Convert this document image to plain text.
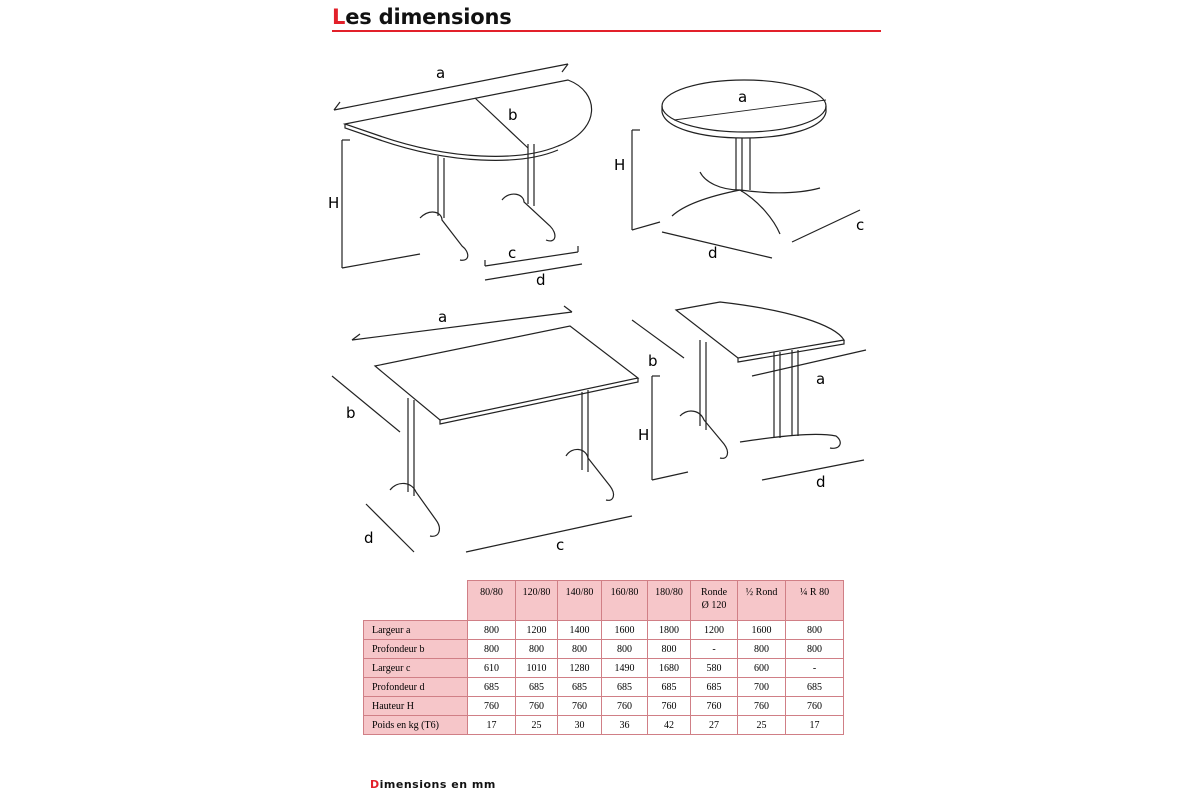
Les dimensions
a
b
H
c
d
a
H
c
d
a
b
c
d
b
a
H
d
	80/80	120/80	140/80	160/80	180/80	Ronde
Ø 120	½ Rond	¼ R 80
Largeur a	800	1200	1400	1600	1800	1200	1600	800
Profondeur b	800	800	800	800	800	-	800	800
Largeur c	610	1010	1280	1490	1680	580	600	-
Profondeur d	685	685	685	685	685	685	700	685
Hauteur H	760	760	760	760	760	760	760	760
Poids en kg (T6)	17	25	30	36	42	27	25	17
Dimensions en mm
